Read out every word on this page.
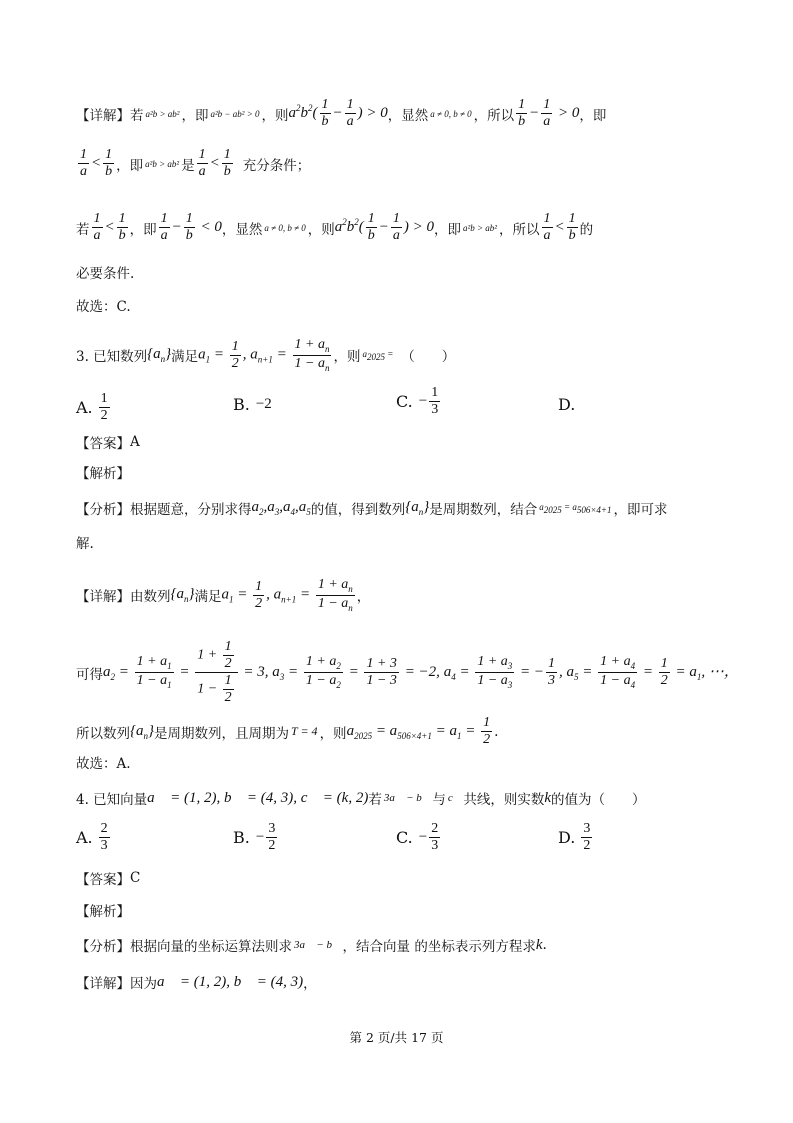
【详解】 若 a²b > ab² ，即 a²b − ab² > 0 ，则 $a^2b^2( \frac{1}{b} - \frac{1}{a}$ ) > 0 ，显然 a ≠ 0, b ≠ 0 ，所以 $\frac{1}{b} - \frac{1}{a} > 0$ ，即
$\frac{1}{a} < \frac{1}{b}$ ，即 a²b > ab² 是 $\frac{1}{a} < \frac{1}{b}$ 充分条件；
若 $\frac{1}{a} < \frac{1}{b}$ ，即 $\frac{1}{a} - \frac{1}{b} < 0$ ，显然 a ≠ 0, b ≠ 0 ，则 $a^2b^2( \frac{1}{b} - \frac{1}{a}$ ) > 0 ，即 a²b > ab² ，所以 $\frac{1}{a} < \frac{1}{b}$ 的
必要条件.
故选：C.
3. 已知数列 $\{a_n\}$ 满足 $a_1 = \frac{1}{2}$ , $a_{n+1} = \frac{1 + a_n}{1 - a_n}$ ，则 $a_{2025}$ = （　　）
A. $\frac{1}{2}$	B. −2	C. − $\frac{1}{3}$	D.
【答案】 A
【解析】
【分析】 根据题意，分别求得 $a_2,a_3,a_4,a_5$ 的值，得到数列 $\{a_n\}$ 是周期数列，结合 $a_{2025} = a_{506\times 4+1}$ ，即可求
解.
【详解】 由数列 $\{a_n\}$ 满足 $a_1 = \frac{1}{2}$ , $a_{n+1} = \frac{1 + a_n}{1 - a_n}$ ，
可得 $a_2 = \frac{1 + a_1}{1 - a_1} = \frac{1 + \frac{1}{2}}{1 - \frac{1}{2}} = 3$, $a_3 = \frac{1 + a_2}{1 - a_2} = \frac{1 + 3}{1 - 3} = -2$, $a_4 = \frac{1 + a_3}{1 - a_3}$ = − $\frac{1}{3}$ , $a_5 = \frac{1 + a_4}{1 - a_4} = \frac{1}{2} = a_1$, ⋯，
所以数列 $\{a_n\}$ 是周期数列，且周期为 T = 4 ，则 $a_{2025} = a_{506\times 4+1} = a_1 = \frac{1}{2}$ .
故选：A.
4. 已知向量 a⃗ = (1, 2), b⃗ = (4, 3), c⃗ = (k, 2) 若 3a⃗ − b⃗ 与 c⃗ 共线，则实数 k 的值为（　　）
A. $\frac{2}{3}$	B. − $\frac{3}{2}$	C. − $\frac{2}{3}$	D. $\frac{3}{2}$
【答案】 C
【解析】
【分析】 根据向量的坐标运算法则求 3a⃗ − b⃗ ，结合向量 的坐标表示列方程求 k .
【详解】 因为 a⃗ = (1, 2), b⃗ = (4, 3) ，
第 2 页/共 17 页
